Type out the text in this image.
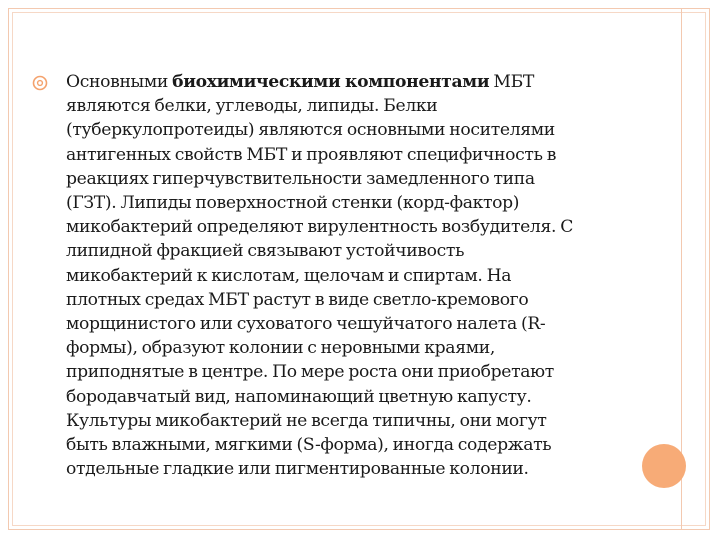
Основными биохимическими компонентами МБТ
являются белки, углеводы, липиды. Белки
(туберкулопротеиды) являются основными носителями
антигенных свойств МБТ и проявляют специфичность в
реакциях гиперчувствительности замедленного типа
(ГЗТ). Липиды поверхностной стенки (корд-фактор)
микобактерий определяют вирулентность возбудителя. С
липидной фракцией связывают устойчивость
микобактерий к кислотам, щелочам и спиртам. На
плотных средах МБТ растут в виде светло-кремового
морщинистого или суховатого чешуйчатого налета (R-
формы), образуют колонии с неровными краями,
приподнятые в центре. По мере роста они приобретают
бородавчатый вид, напоминающий цветную капусту.
Культуры микобактерий не всегда типичны, они могут
быть влажными, мягкими (S-форма), иногда содержать
отдельные гладкие или пигментированные колонии.
